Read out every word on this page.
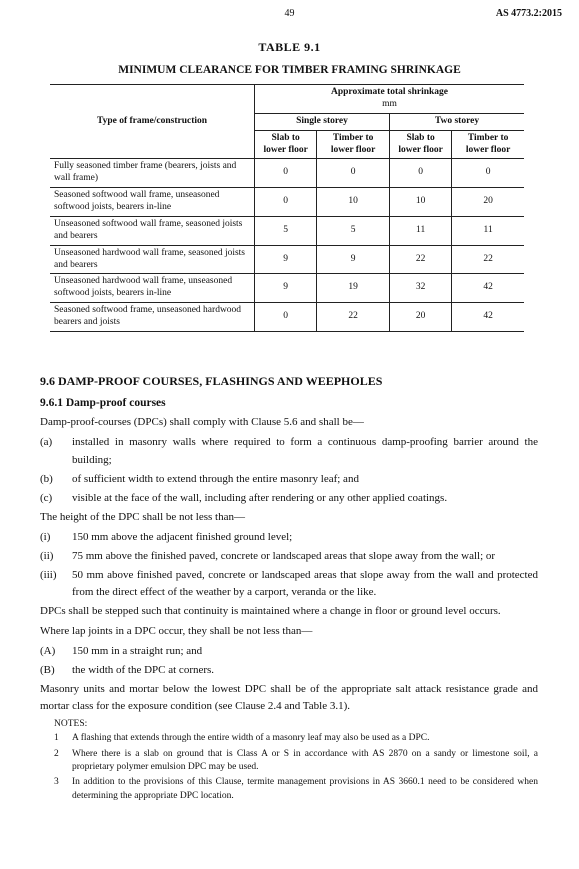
49	AS 4773.2:2015
TABLE 9.1
MINIMUM CLEARANCE FOR TIMBER FRAMING SHRINKAGE
Type of frame/construction	Approximate total shrinkage
mm			

	Single storey		Two storey	
	Slab to lower floor	Timber to lower floor	Slab to lower floor	Timber to lower floor
Fully seasoned timber frame (bearers, joists and wall frame)	0	0	0	0
Seasoned softwood wall frame, unseasoned softwood joists, bearers in-line	0	10	10	20
Unseasoned softwood wall frame, seasoned joists and bearers	5	5	11	11
Unseasoned hardwood wall frame, seasoned joists and bearers	9	9	22	22
Unseasoned hardwood wall frame, unseasoned softwood joists, bearers in-line	9	19	32	42
Seasoned softwood frame, unseasoned hardwood bearers and joists	0	22	20	42
9.6 DAMP-PROOF COURSES, FLASHINGS AND WEEPHOLES
9.6.1 Damp-proof courses
Damp-proof-courses (DPCs) shall comply with Clause 5.6 and shall be—
(a)	installed in masonry walls where required to form a continuous damp-proofing barrier around the building;
(b)	of sufficient width to extend through the entire masonry leaf; and
(c)	visible at the face of the wall, including after rendering or any other applied coatings.
The height of the DPC shall be not less than—
(i)	150 mm above the adjacent finished ground level;
(ii)	75 mm above the finished paved, concrete or landscaped areas that slope away from the wall; or
(iii)	50 mm above finished paved, concrete or landscaped areas that slope away from the wall and protected from the direct effect of the weather by a carport, veranda or the like.
DPCs shall be stepped such that continuity is maintained where a change in floor or ground level occurs.
Where lap joints in a DPC occur, they shall be not less than—
(A)	150 mm in a straight run; and
(B)	the width of the DPC at corners.
Masonry units and mortar below the lowest DPC shall be of the appropriate salt attack resistance grade and mortar class for the exposure condition (see Clause 2.4 and Table 3.1).
NOTES:
1	A flashing that extends through the entire width of a masonry leaf may also be used as a DPC.
2	Where there is a slab on ground that is Class A or S in accordance with AS 2870 on a sandy or limestone soil, a proprietary polymer emulsion DPC may be used.
3	In addition to the provisions of this Clause, termite management provisions in AS 3660.1 need to be considered when determining the appropriate DPC location.
